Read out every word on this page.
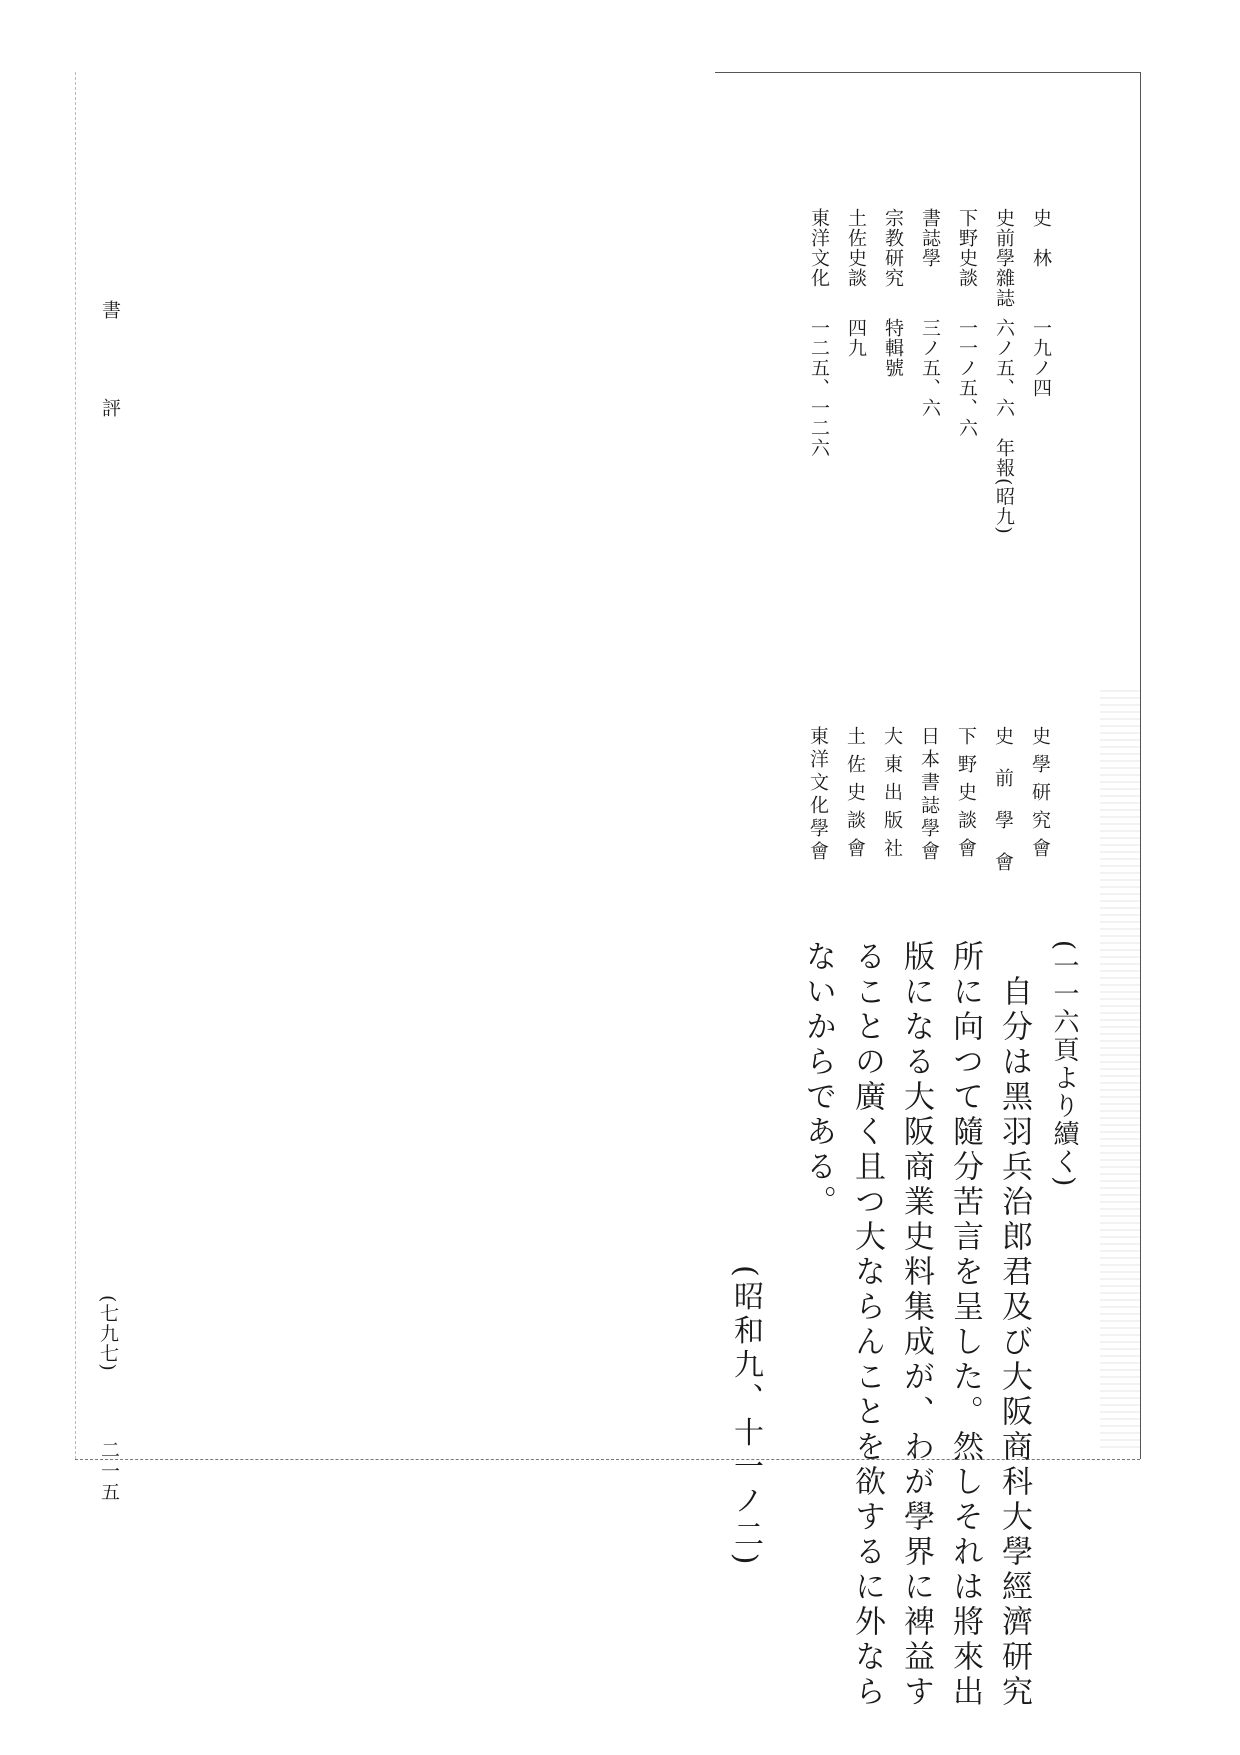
書
評
(七九七)
二一五
史　林
一九ノ四
史前學雜誌
六ノ五、六　年報(昭九)
下野史談
一一ノ五、六
書誌學
三ノ五、六
宗教研究
特輯號
土佐史談
四九
東洋文化
一二五、一二六
史學研究會
史　前　學　會
下野史談會
日本書誌學會
大東出版社
土佐史談會
東洋文化學會
(一一六頁より續く)
　自分は黑羽兵治郎君及び大阪商科大學經濟研究
所に向つて隨分苦言を呈した。然しそれは將來出
版になる大阪商業史料集成が、わが學界に裨益す
ることの廣く且つ大ならんことを欲するに外なら
ないからである。
(昭和九、十一ノ二)
